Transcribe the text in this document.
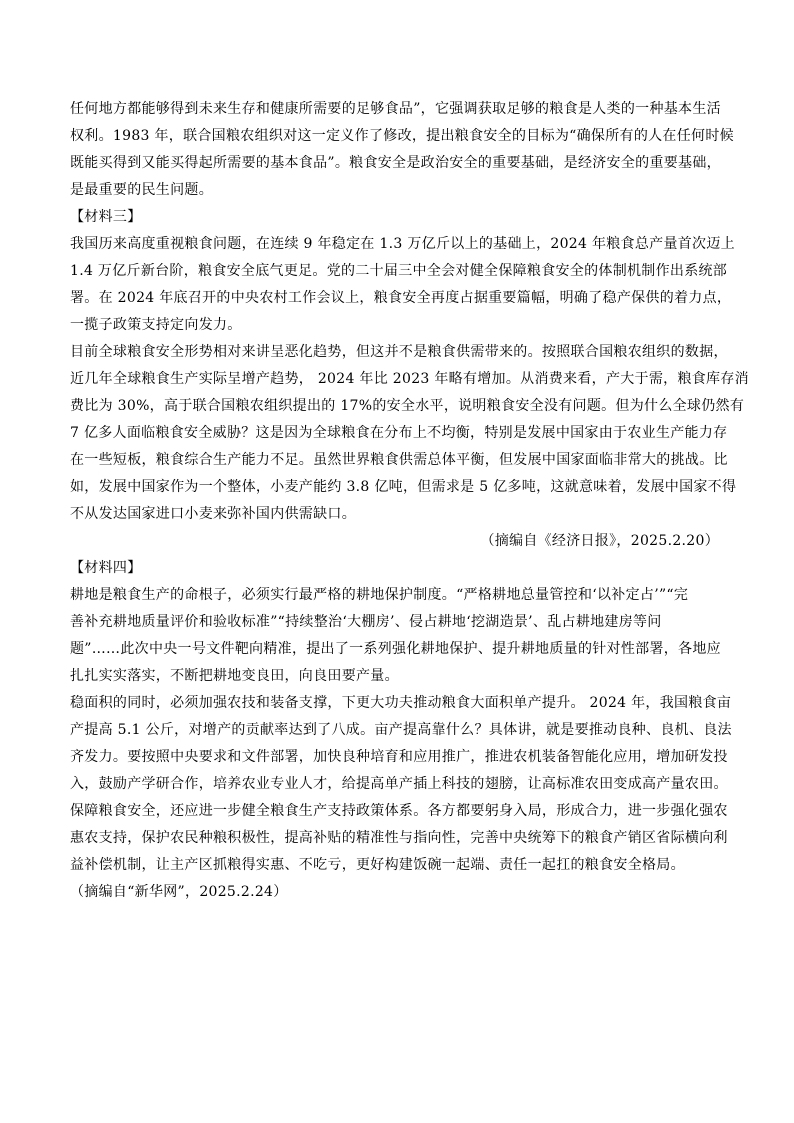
任何地方都能够得到未来生存和健康所需要的足够食品”，它强调获取足够的粮食是人类的一种基本生活
权利。1983 年，联合国粮农组织对这一定义作了修改，提出粮食安全的目标为“确保所有的人在任何时候
既能买得到又能买得起所需要的基本食品”。粮食安全是政治安全的重要基础，是经济安全的重要基础，
是最重要的民生问题。
【材料三】
我国历来高度重视粮食问题，在连续 9 年稳定在 1.3 万亿斤以上的基础上，2024 年粮食总产量首次迈上
1.4 万亿斤新台阶，粮食安全底气更足。党的二十届三中全会对健全保障粮食安全的体制机制作出系统部
署。在 2024 年底召开的中央农村工作会议上，粮食安全再度占据重要篇幅，明确了稳产保供的着力点，
一揽子政策支持定向发力。
目前全球粮食安全形势相对来讲呈恶化趋势，但这并不是粮食供需带来的。按照联合国粮农组织的数据，
近几年全球粮食生产实际呈增产趋势， 2024 年比 2023 年略有增加。从消费来看，产大于需，粮食库存消
费比为 30%，高于联合国粮农组织提出的 17%的安全水平，说明粮食安全没有问题。但为什么全球仍然有
7 亿多人面临粮食安全威胁？这是因为全球粮食在分布上不均衡，特别是发展中国家由于农业生产能力存
在一些短板，粮食综合生产能力不足。虽然世界粮食供需总体平衡，但发展中国家面临非常大的挑战。比
如，发展中国家作为一个整体，小麦产能约 3.8 亿吨，但需求是 5 亿多吨，这就意味着，发展中国家不得
不从发达国家进口小麦来弥补国内供需缺口。
（摘编自《经济日报》，2025.2.20）
【材料四】
耕地是粮食生产的命根子，必须实行最严格的耕地保护制度。“严格耕地总量管控和‘以补定占’”“完
善补充耕地质量评价和验收标准”“持续整治‘大棚房’、侵占耕地‘挖湖造景’、乱占耕地建房等问
题”……此次中央一号文件靶向精准，提出了一系列强化耕地保护、提升耕地质量的针对性部署，各地应
扎扎实实落实，不断把耕地变良田，向良田要产量。
稳面积的同时，必须加强农技和装备支撑，下更大功夫推动粮食大面积单产提升。 2024 年，我国粮食亩
产提高 5.1 公斤，对增产的贡献率达到了八成。亩产提高靠什么？具体讲，就是要推动良种、良机、良法
齐发力。要按照中央要求和文件部署，加快良种培育和应用推广，推进农机装备智能化应用，增加研发投
入，鼓励产学研合作，培养农业专业人才，给提高单产插上科技的翅膀，让高标准农田变成高产量农田。
保障粮食安全，还应进一步健全粮食生产支持政策体系。各方都要躬身入局，形成合力，进一步强化强农
惠农支持，保护农民种粮积极性，提高补贴的精准性与指向性，完善中央统筹下的粮食产销区省际横向利
益补偿机制，让主产区抓粮得实惠、不吃亏，更好构建饭碗一起端、责任一起扛的粮食安全格局。
（摘编自“新华网”，2025.2.24）
